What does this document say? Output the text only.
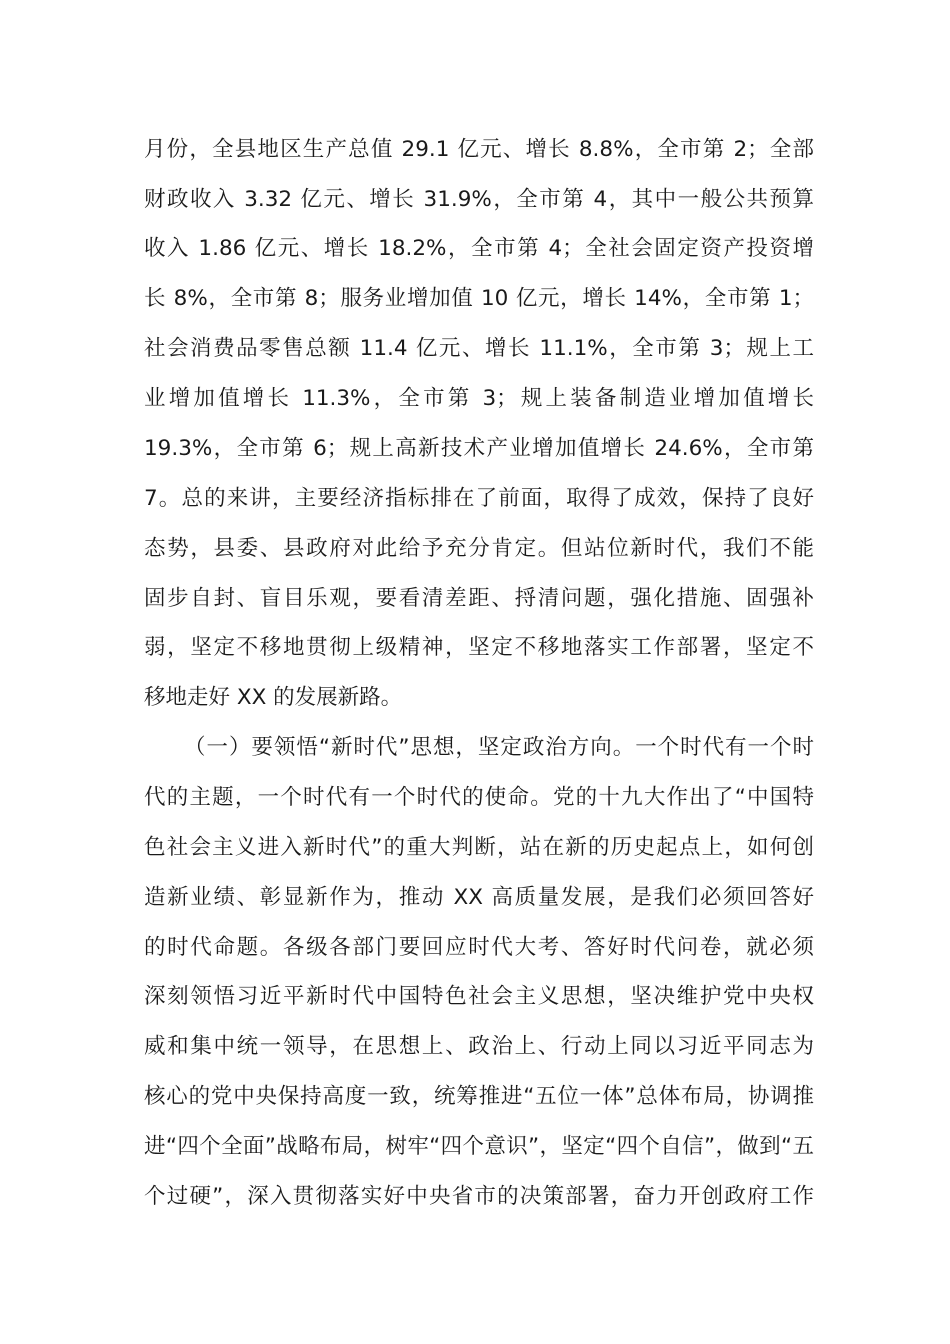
月份，全县地区生产总值 29.1 亿元、增长 8.8%，全市第 2；全部
财政收入 3.32 亿元、增长 31.9%，全市第 4，其中一般公共预算
收入 1.86 亿元、增长 18.2%，全市第 4；全社会固定资产投资增
长 8%，全市第 8；服务业增加值 10 亿元，增长 14%，全市第 1；
社会消费品零售总额 11.4 亿元、增长 11.1%，全市第 3；规上工
业增加值增长 11.3%，全市第 3；规上装备制造业增加值增长
19.3%，全市第 6；规上高新技术产业增加值增长 24.6%，全市第
7。总的来讲，主要经济指标排在了前面，取得了成效，保持了良好
态势，县委、县政府对此给予充分肯定。但站位新时代，我们不能
固步自封、盲目乐观，要看清差距、捋清问题，强化措施、固强补
弱，坚定不移地贯彻上级精神，坚定不移地落实工作部署，坚定不
移地走好 XX 的发展新路。
（一）要领悟“新时代”思想，坚定政治方向。一个时代有一个时
代的主题，一个时代有一个时代的使命。党的十九大作出了“中国特
色社会主义进入新时代”的重大判断，站在新的历史起点上，如何创
造新业绩、彰显新作为，推动 XX 高质量发展，是我们必须回答好
的时代命题。各级各部门要回应时代大考、答好时代问卷，就必须
深刻领悟习近平新时代中国特色社会主义思想，坚决维护党中央权
威和集中统一领导，在思想上、政治上、行动上同以习近平同志为
核心的党中央保持高度一致，统筹推进“五位一体”总体布局，协调推
进“四个全面”战略布局，树牢“四个意识”，坚定“四个自信”，做到“五
个过硬”，深入贯彻落实好中央省市的决策部署，奋力开创政府工作
